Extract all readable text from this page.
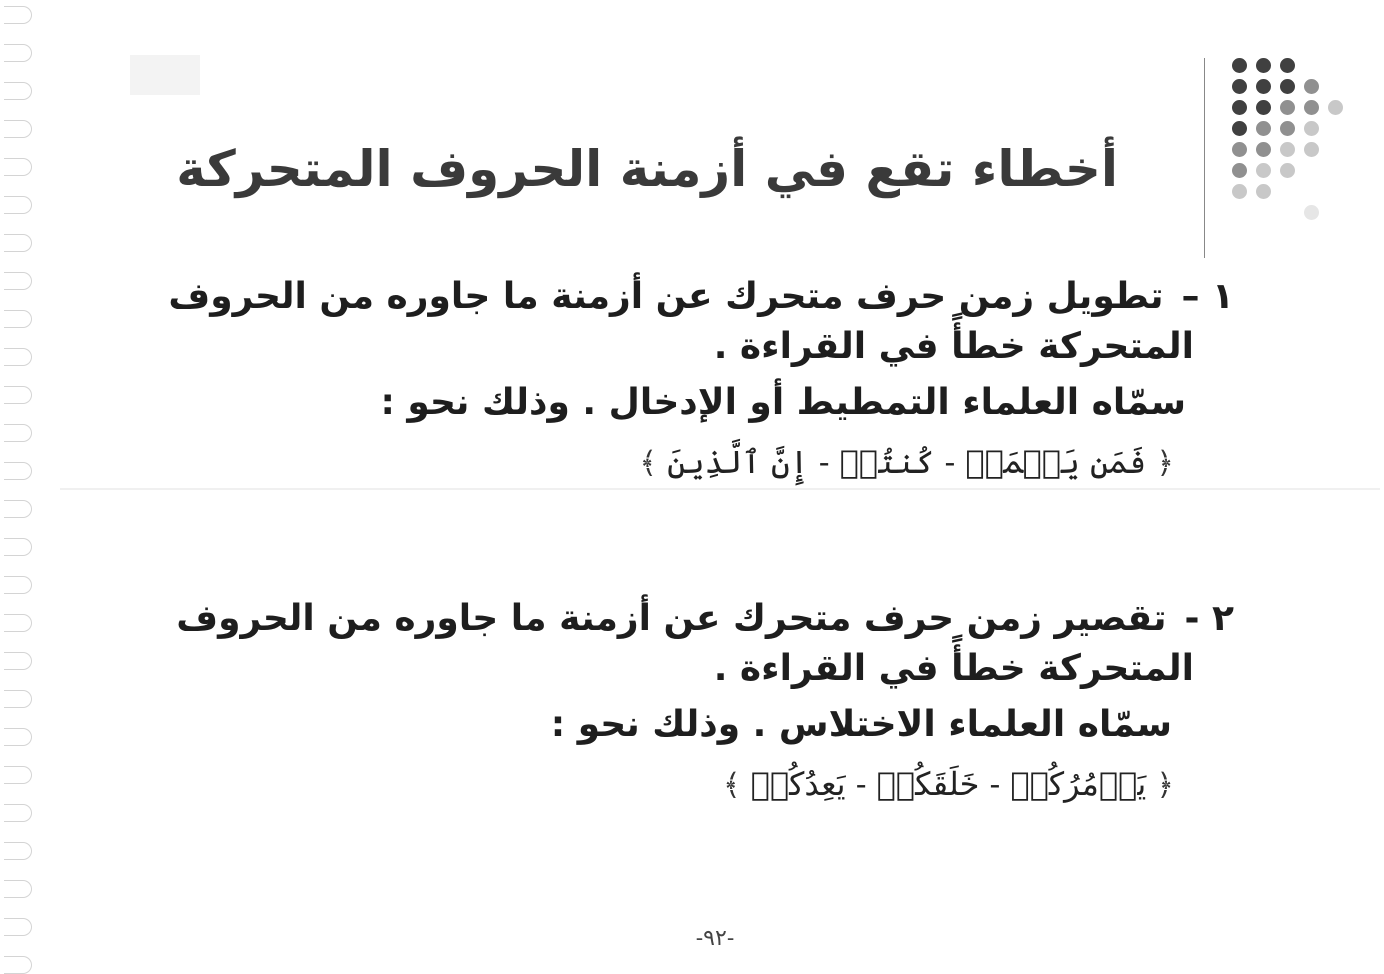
أخطاء تقع في أزمنة الحروف المتحركة
١ –تطويل زمن حرف متحرك عن أزمنة ما جاوره من الحروف
المتحركة خطأً في القراءة .
سمّاه العلماء التمطيط أو الإدخال . وذلك نحو :
﴿ فَمَن يَعۡمَلۡ - كُنتُمۡ - إِنَّ ٱلَّذِينَ ﴾
٢ -تقصير زمن حرف متحرك عن أزمنة ما جاوره من الحروف
المتحركة خطأً في القراءة .
سمّاه العلماء الاختلاس . وذلك نحو :
﴿ يَأۡمُرُكُمۡ - خَلَقَكُمۡ - يَعِدُكُمۡ ﴾
-٩٢-
